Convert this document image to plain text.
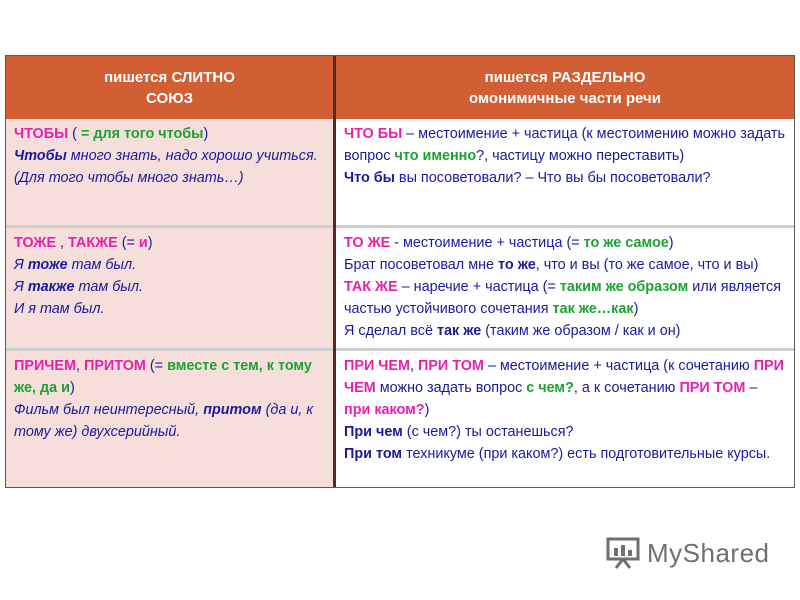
пишется СЛИТНО
СОЮЗ
пишется РАЗДЕЛЬНО
омонимичные части речи
ЧТОБЫ ( = для того чтобы)
Чтобы много знать, надо хорошо учиться. (Для того чтобы много знать…)
ЧТО БЫ – местоимение + частица (к местоимению можно задать вопрос что именно?, частицу можно переставить)
Что бы вы посоветовали? – Что вы бы посоветовали?
ТОЖЕ , ТАКЖЕ (= и)
Я тоже там был.
Я также там был.
И я там был.
ТО ЖЕ - местоимение + частица (= то же самое)
Брат посоветовал мне то же, что и вы (то же самое, что и вы)
ТАК ЖЕ – наречие + частица (= таким же образом или является частью устойчивого сочетания так же…как)
Я сделал всё так же (таким же образом / как и он)
ПРИЧЕМ, ПРИТОМ (= вместе с тем, к тому же, да и)
Фильм был неинтересный, притом (да и, к тому же) двухсерийный.
ПРИ ЧЕМ, ПРИ ТОМ – местоимение + частица (к сочетанию ПРИ ЧЕМ можно задать вопрос с чем?, а к сочетанию ПРИ ТОМ – при каком?)
При чем (с чем?) ты останешься?
При том техникуме (при каком?) есть подготовительные курсы.
MyShared
